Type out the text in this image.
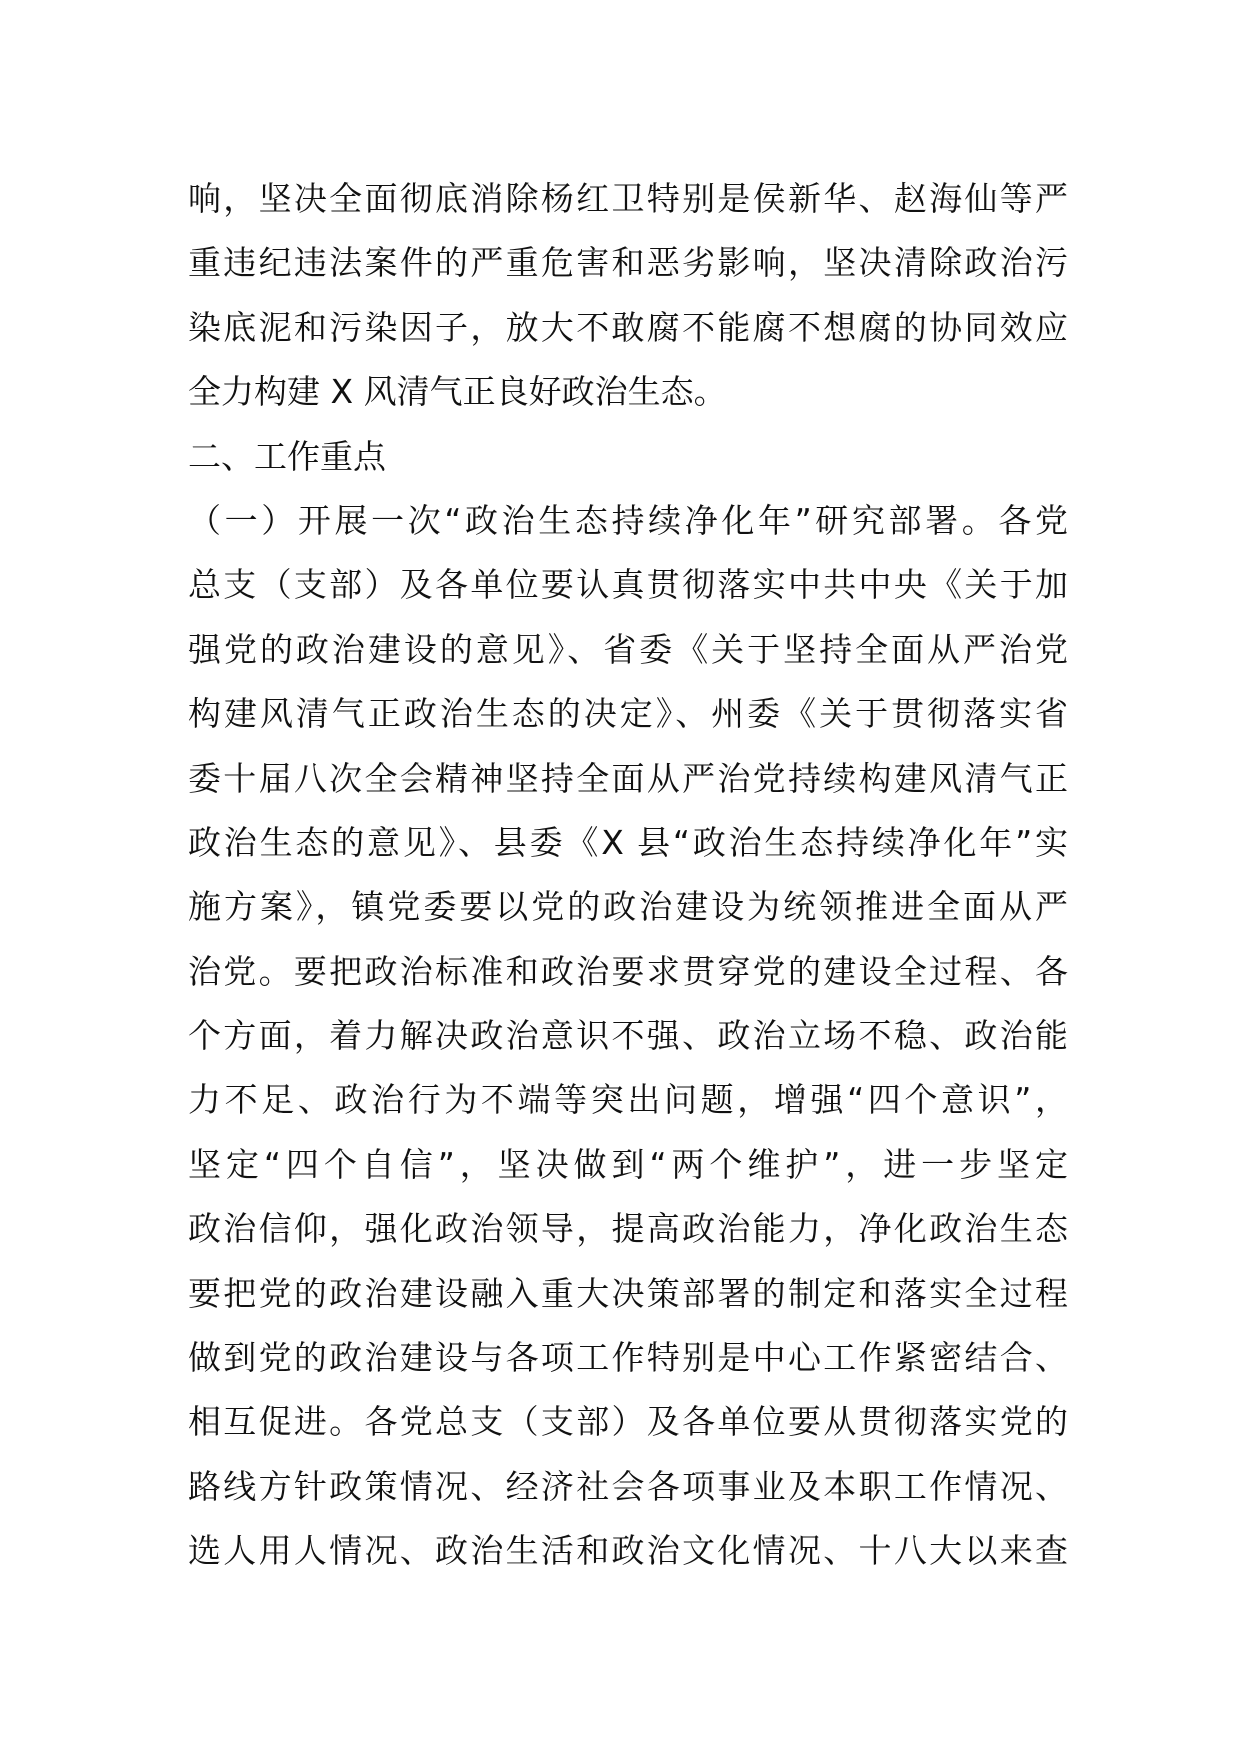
响，坚决全面彻底消除杨红卫特别是侯新华、赵海仙等严
重违纪违法案件的严重危害和恶劣影响，坚决清除政治污
染底泥和污染因子，放大不敢腐不能腐不想腐的协同效应
全力构建 X 风清气正良好政治生态。
二、工作重点
（一）开展一次“政治生态持续净化年”研究部署。各党
总支（支部）及各单位要认真贯彻落实中共中央《关于加
强党的政治建设的意见》、省委《关于坚持全面从严治党
构建风清气正政治生态的决定》、州委《关于贯彻落实省
委十届八次全会精神坚持全面从严治党持续构建风清气正
政治生态的意见》、县委《X 县“政治生态持续净化年”实
施方案》，镇党委要以党的政治建设为统领推进全面从严
治党。要把政治标准和政治要求贯穿党的建设全过程、各
个方面，着力解决政治意识不强、政治立场不稳、政治能
力不足、政治行为不端等突出问题，增强“四个意识”，
坚定“四个自信”，坚决做到“两个维护”，进一步坚定
政治信仰，强化政治领导，提高政治能力，净化政治生态
要把党的政治建设融入重大决策部署的制定和落实全过程
做到党的政治建设与各项工作特别是中心工作紧密结合、
相互促进。各党总支（支部）及各单位要从贯彻落实党的
路线方针政策情况、经济社会各项事业及本职工作情况、
选人用人情况、政治生活和政治文化情况、十八大以来查
